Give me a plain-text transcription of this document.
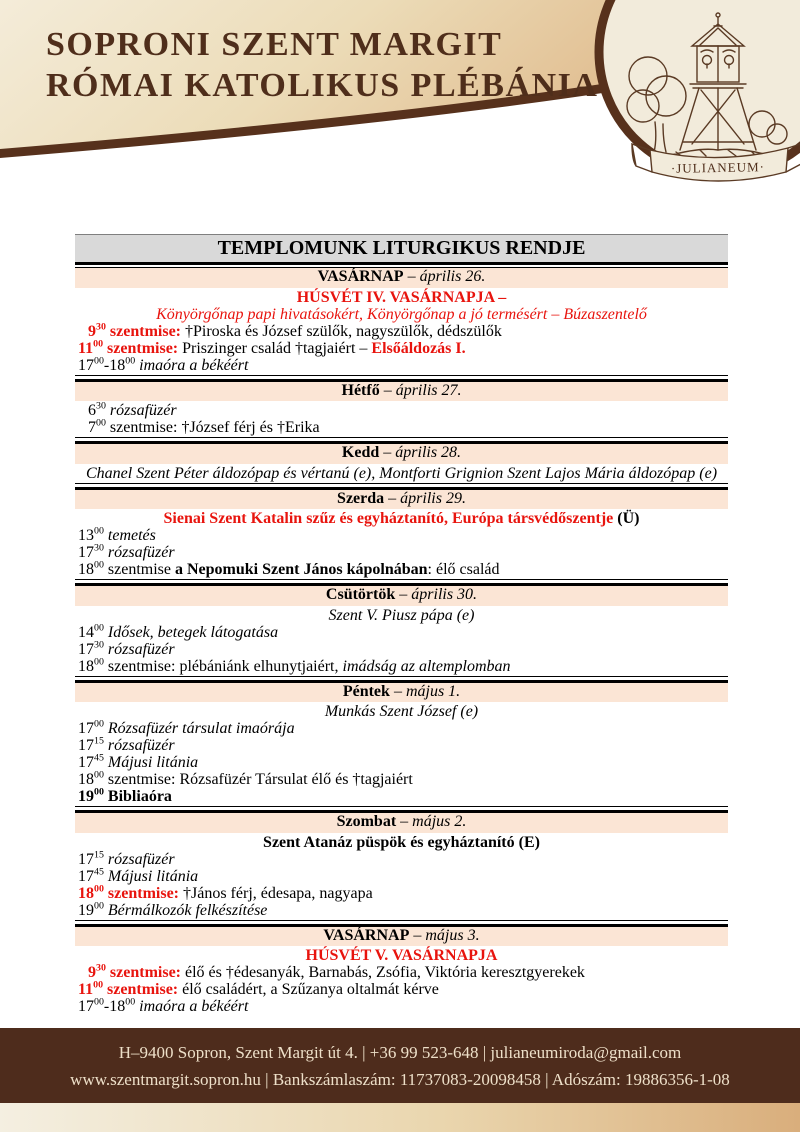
·JULIANEUM·
SOPRONI SZENT MARGIT
RÓMAI KATOLIKUS PLÉBÁNIA
TEMPLOMUNK LITURGIKUS RENDJE
VASÁRNAP – április 26.
HÚSVÉT IV. VASÁRNAPJA –
Könyörgőnap papi hivatásokért, Könyörgőnap a jó termésért – Búzaszentelő
$9^{30}$ szentmise: †Piroska és József szülők, nagyszülők, dédszülők
$11^{00}$ szentmise: Priszinger család †tagjaiért – Elsőáldozás I.
$17^{00}-18^{00}$ imaóra a békéért
Hétfő – április 27.
$6^{30}$ rózsafüzér
$7^{00}$ szentmise: †József férj és †Erika
Kedd – április 28.
Chanel Szent Péter áldozópap és vértanú (e), Montforti Grignion Szent Lajos Mária áldozópap (e)
Szerda – április 29.
Sienai Szent Katalin szűz és egyháztanító, Európa társvédőszentje (Ü)
$13^{00}$ temetés
$17^{30}$ rózsafüzér
$18^{00}$ szentmise a Nepomuki Szent János kápolnában: élő család
Csütörtök – április 30.
Szent V. Piusz pápa (e)
$14^{00}$ Idősek, betegek látogatása
$17^{30}$ rózsafüzér
$18^{00}$ szentmise: plébániánk elhunytjaiért, imádság az altemplomban
Péntek – május 1.
Munkás Szent József (e)
$17^{00}$ Rózsafüzér társulat imaórája
$17^{15}$ rózsafüzér
$17^{45}$ Májusi litánia
$18^{00}$ szentmise: Rózsafüzér Társulat élő és †tagjaiért
$19^{00}$ Bibliaóra
Szombat – május 2.
Szent Atanáz püspök és egyháztanító (E)
$17^{15}$ rózsafüzér
$17^{45}$ Májusi litánia
$18^{00}$ szentmise: †János férj, édesapa, nagyapa
$19^{00}$ Bérmálkozók felkészítése
VASÁRNAP – május 3.
HÚSVÉT V. VASÁRNAPJA
$9^{30}$ szentmise: élő és †édesanyák, Barnabás, Zsófia, Viktória keresztgyerekek
$11^{00}$ szentmise: élő családért, a Szűzanya oltalmát kérve
$17^{00}-18^{00}$ imaóra a békéért
H–9400 Sopron, Szent Margit út 4. | +36 99 523-648 | julianeumiroda@gmail.com
www.szentmargit.sopron.hu | Bankszámlaszám: 11737083-20098458 | Adószám: 19886356-1-08
